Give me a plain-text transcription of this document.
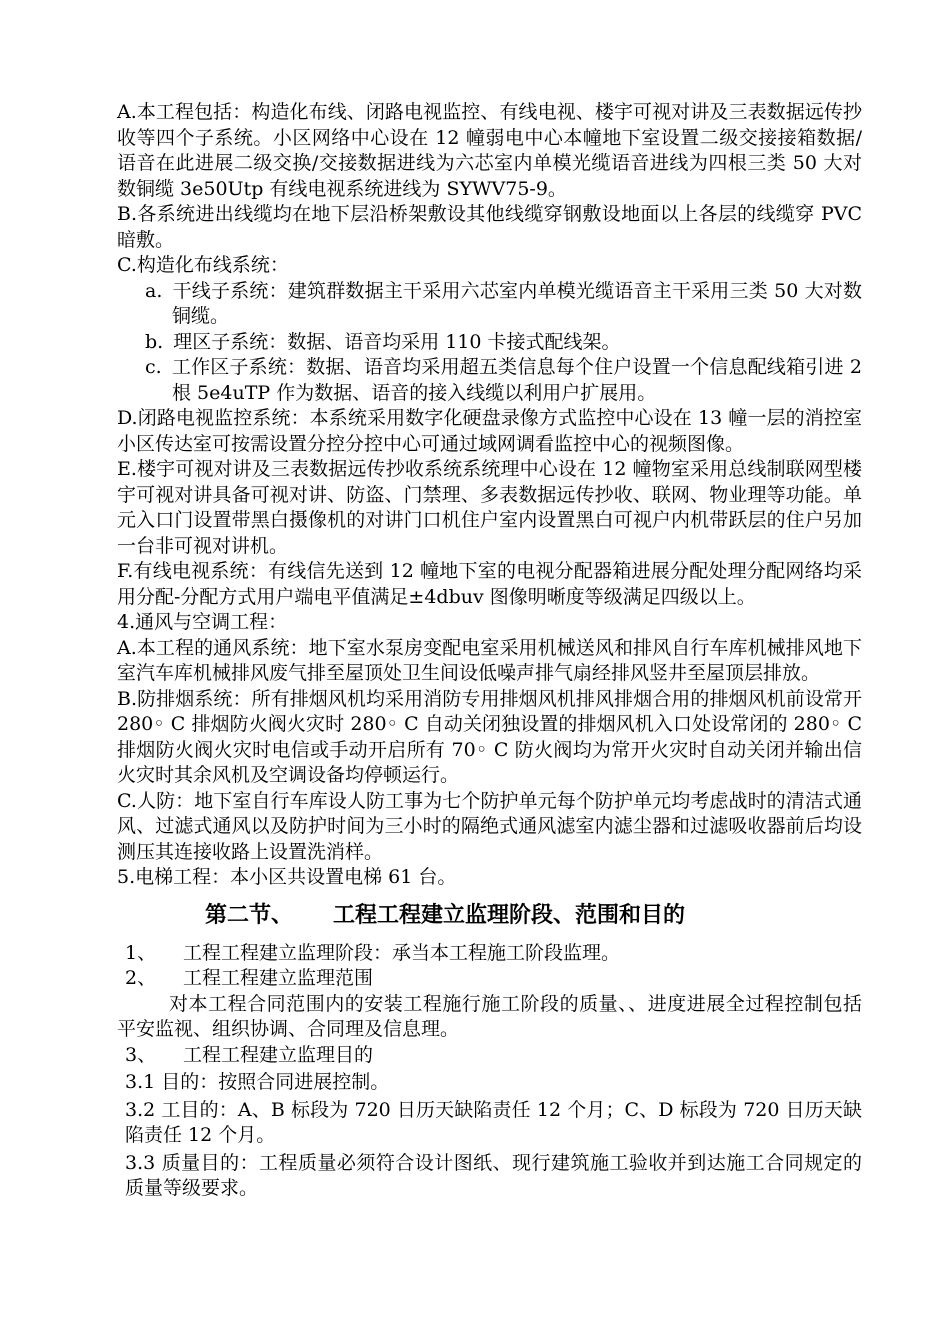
A.本工程包括：构造化布线、闭路电视监控、有线电视、楼宇可视对讲及三表数据远传抄收等四个子系统。小区网络中心设在 12 幢弱电中心本幢地下室设置二级交接接箱数据/语音在此进展二级交换/交接数据进线为六芯室内单模光缆语音进线为四根三类 50 大对数铜缆 3e50Utp 有线电视系统进线为 SYWV75-9。

B.各系统进出线缆均在地下层沿桥架敷设其他线缆穿钢敷设地面以上各层的线缆穿 PVC 暗敷。

C.构造化布线系统：

a. 干线子系统：建筑群数据主干采用六芯室内单模光缆语音主干采用三类 50 大对数铜缆。
b. 理区子系统：数据、语音均采用 110 卡接式配线架。
c. 工作区子系统：数据、语音均采用超五类信息每个住户设置一个信息配线箱引进 2 根 5e4uTP 作为数据、语音的接入线缆以利用户扩展用。

D.闭路电视监控系统：本系统采用数字化硬盘录像方式监控中心设在 13 幢一层的消控室小区传达室可按需设置分控分控中心可通过域网调看监控中心的视频图像。

E.楼宇可视对讲及三表数据远传抄收系统系统理中心设在 12 幢物室采用总线制联网型楼宇可视对讲具备可视对讲、防盗、门禁理、多表数据远传抄收、联网、物业理等功能。单元入口门设置带黑白摄像机的对讲门口机住户室内设置黑白可视户内机带跃层的住户另加一台非可视对讲机。

F.有线电视系统：有线信先送到 12 幢地下室的电视分配器箱进展分配处理分配网络均采用分配-分配方式用户端电平值满足±4dbuv 图像明晰度等级满足四级以上。

4.通风与空调工程：

A.本工程的通风系统：地下室水泵房变配电室采用机械送风和排风自行车库机械排风地下室汽车库机械排风废气排至屋顶处卫生间设低噪声排气扇经排风竖井至屋顶层排放。

B.防排烟系统：所有排烟风机均采用消防专用排烟风机排风排烟合用的排烟风机前设常开 280◦ C 排烟防火阀火灾时 280◦ C 自动关闭独设置的排烟风机入口处设常闭的 280◦ C 排烟防火阀火灾时电信或手动开启所有 70◦ C 防火阀均为常开火灾时自动关闭并输出信火灾时其余风机及空调设备均停顿运行。

C.人防：地下室自行车库设人防工事为七个防护单元每个防护单元均考虑战时的清洁式通风、过滤式通风以及防护时间为三小时的隔绝式通风滤室内滤尘器和过滤吸收器前后均设测压其连接收路上设置洗消样。

5.电梯工程：本小区共设置电梯 61 台。

第二节、 工程工程建立监理阶段、范围和目的
1、 工程工程建立监理阶段：承当本工程施工阶段监理。
2、 工程工程建立监理范围

对本工程合同范围内的安装工程施行施工阶段的质量、、进度进展全过程控制包括平安监视、组织协调、合同理及信息理。

3、 工程工程建立监理目的

3.1 目的：按照合同进展控制。

3.2 工目的：A、B 标段为 720 日历天缺陷责任 12 个月；C、D 标段为 720 日历天缺陷责任 12 个月。

3.3 质量目的：工程质量必须符合设计图纸、现行建筑施工验收并到达施工合同规定的质量等级要求。
